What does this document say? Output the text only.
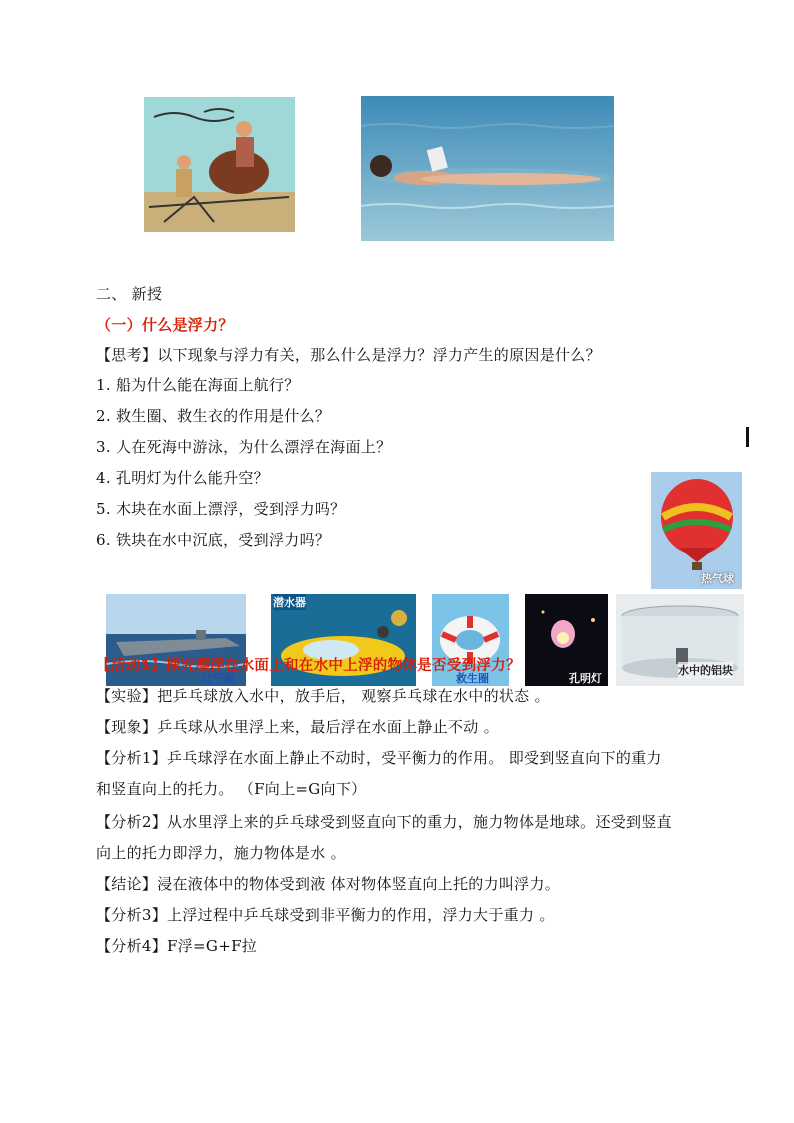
二、 新授
（一）什么是浮力？
【思考】以下现象与浮力有关，那么什么是浮力？浮力产生的原因是什么？
1. 船为什么能在海面上航行？
2. 救生圈、救生衣的作用是什么？
3. 人在死海中游泳，为什么漂浮在海面上？
4. 孔明灯为什么能升空？
5. 木块在水面上漂浮，受到浮力吗？
6. 铁块在水中沉底，受到浮力吗？
热气球
辽宁舰
潜水器
救生圈	孔明灯
水中的铝块
【活动1】探究漂浮在水面上和在水中上浮的物体是否受到浮力？
【实验】把乒乓球放入水中，放手后， 观察乒乓球在水中的状态 。
【现象】乒乓球从水里浮上来，最后浮在水面上静止不动 。
【分析1】乒乓球浮在水面上静止不动时，受平衡力的作用。 即受到竖直向下的重力
和竖直向上的托力。 （F向上=G向下）
【分析2】从水里浮上来的乒乓球受到竖直向下的重力，施力物体是地球。还受到竖直
向上的托力即浮力，施力物体是水 。
【结论】浸在液体中的物体受到液 体对物体竖直向上托的力叫浮力。
【分析3】上浮过程中乒乓球受到非平衡力的作用，浮力大于重力 。
【分析4】F浮=G+F拉
